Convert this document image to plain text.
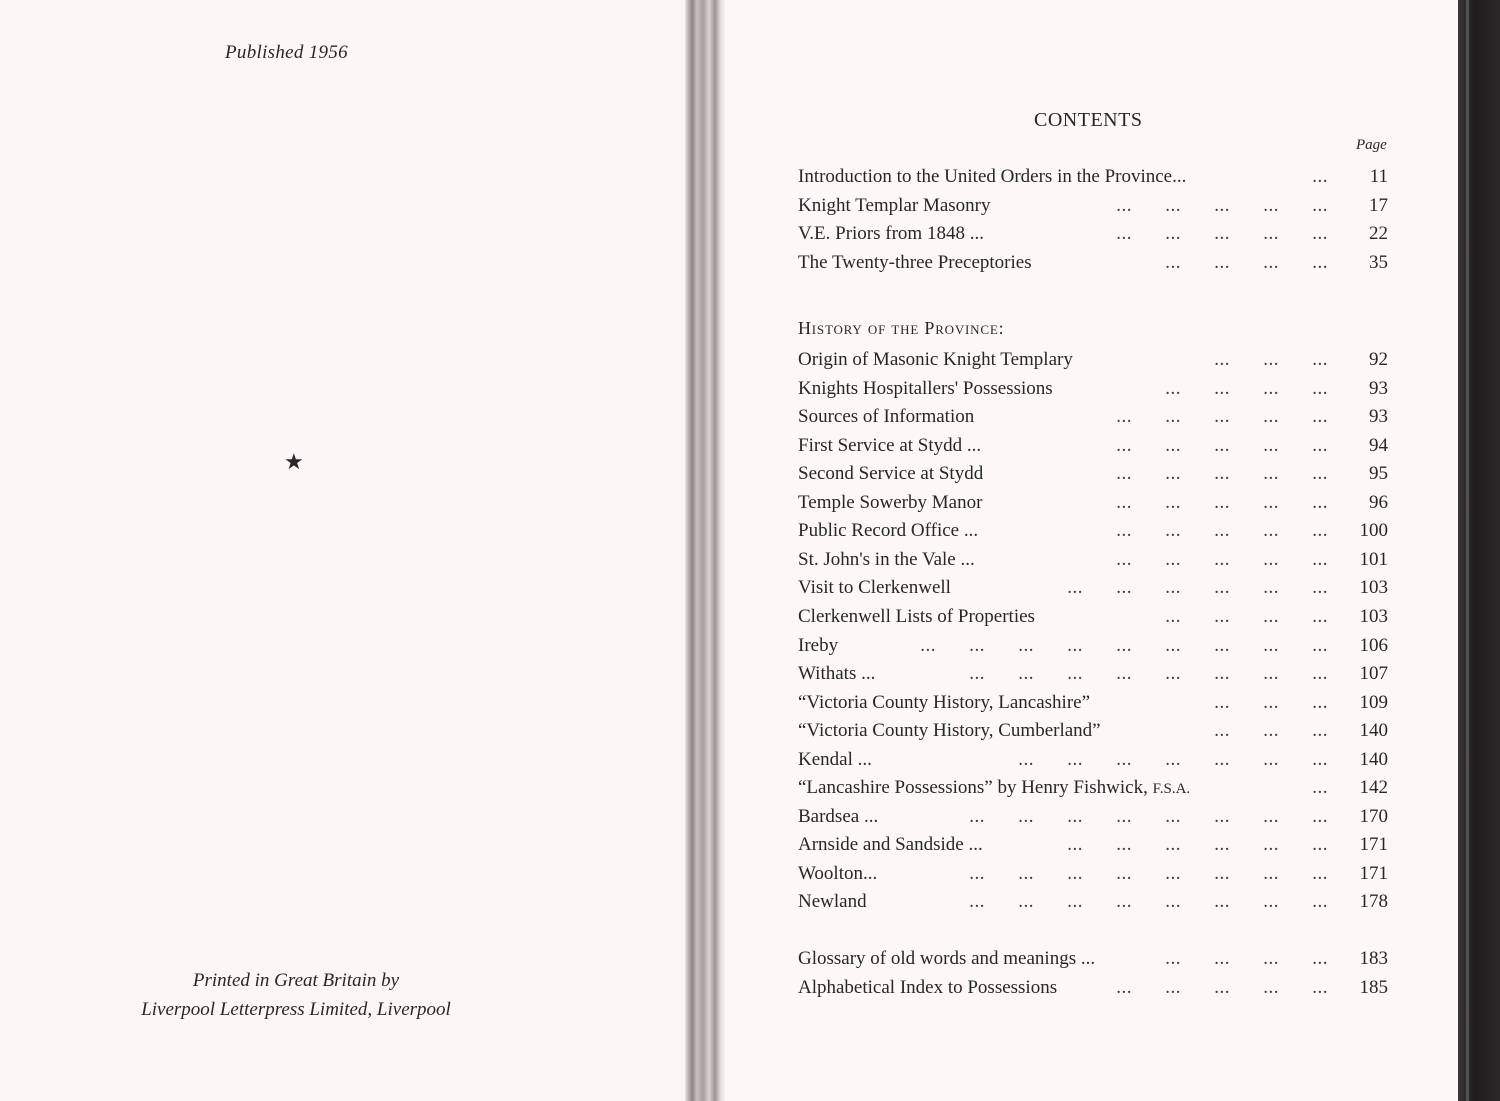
Published 1956
★
Printed in Great Britain by
Liverpool Letterpress Limited, Liverpool
CONTENTS
Page
History of the Province:
Introduction to the United Orders in the Province...	11
...
Knight Templar Masonry	17
... ... ... ... ...
V.E. Priors from 1848 ...	22
... ... ... ... ...
The Twenty-three Preceptories	35
... ... ... ...
Origin of Masonic Knight Templary	92
... ... ...
Knights Hospitallers' Possessions	93
... ... ... ...
Sources of Information	93
... ... ... ... ...
First Service at Stydd ...	94
... ... ... ... ...
Second Service at Stydd	95
... ... ... ... ...
Temple Sowerby Manor	96
... ... ... ... ...
Public Record Office ...	100
... ... ... ... ...
St. John's in the Vale ...	101
... ... ... ... ...
Visit to Clerkenwell	103
... ... ... ... ... ...
Clerkenwell Lists of Properties	103
... ... ... ...
Ireby	106
... ... ... ... ... ... ... ... ...
Withats ...	107
... ... ... ... ... ... ... ...
“Victoria County History, Lancashire”	109
... ... ...
“Victoria County History, Cumberland”	140
... ... ...
Kendal ...	140
... ... ... ... ... ... ...
“Lancashire Possessions” by Henry Fishwick, F.S.A.	142
...
Bardsea ...	170
... ... ... ... ... ... ... ...
Arnside and Sandside ...	171
... ... ... ... ... ...
Woolton...	171
... ... ... ... ... ... ... ...
Newland	178
... ... ... ... ... ... ... ...
Glossary of old words and meanings ...	183
... ... ... ...
Alphabetical Index to Possessions	185
... ... ... ... ...
